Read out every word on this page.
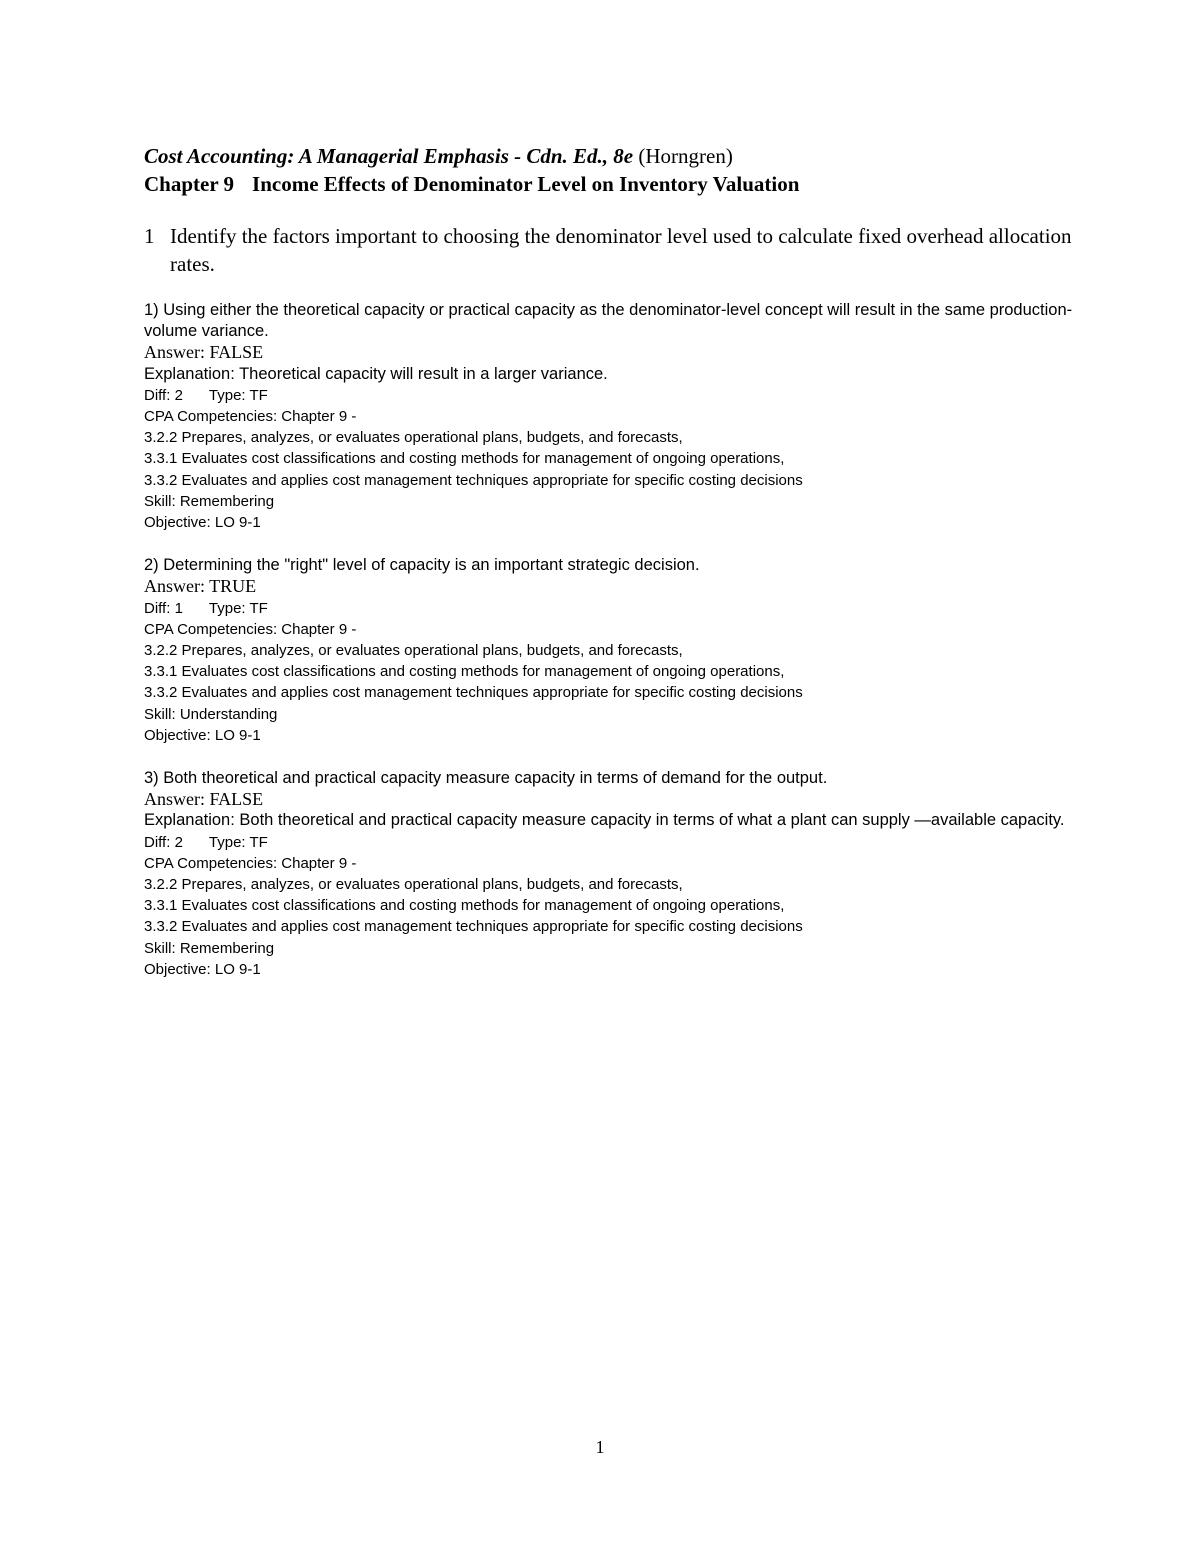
Cost Accounting: A Managerial Emphasis - Cdn. Ed., 8e (Horngren)

Chapter 9 Income Effects of Denominator Level on Inventory Valuation

1 Identify the factors important to choosing the denominator level used to calculate fixed overhead allocation rates.
1) Using either the theoretical capacity or practical capacity as the denominator-level concept will result in the same production-volume variance.
Answer: FALSE
Explanation: Theoretical capacity will result in a larger variance.
Diff: 2 Type: TF
CPA Competencies: Chapter 9 -
3.2.2 Prepares, analyzes, or evaluates operational plans, budgets, and forecasts,
3.3.1 Evaluates cost classifications and costing methods for management of ongoing operations,
3.3.2 Evaluates and applies cost management techniques appropriate for specific costing decisions
Skill: Remembering
Objective: LO 9-1
2) Determining the "right" level of capacity is an important strategic decision.
Answer: TRUE
Diff: 1 Type: TF
CPA Competencies: Chapter 9 -
3.2.2 Prepares, analyzes, or evaluates operational plans, budgets, and forecasts,
3.3.1 Evaluates cost classifications and costing methods for management of ongoing operations,
3.3.2 Evaluates and applies cost management techniques appropriate for specific costing decisions
Skill: Understanding
Objective: LO 9-1
3) Both theoretical and practical capacity measure capacity in terms of demand for the output.
Answer: FALSE
Explanation: Both theoretical and practical capacity measure capacity in terms of what a plant can supply —available capacity.
Diff: 2 Type: TF
CPA Competencies: Chapter 9 -
3.2.2 Prepares, analyzes, or evaluates operational plans, budgets, and forecasts,
3.3.1 Evaluates cost classifications and costing methods for management of ongoing operations,
3.3.2 Evaluates and applies cost management techniques appropriate for specific costing decisions
Skill: Remembering
Objective: LO 9-1
1
